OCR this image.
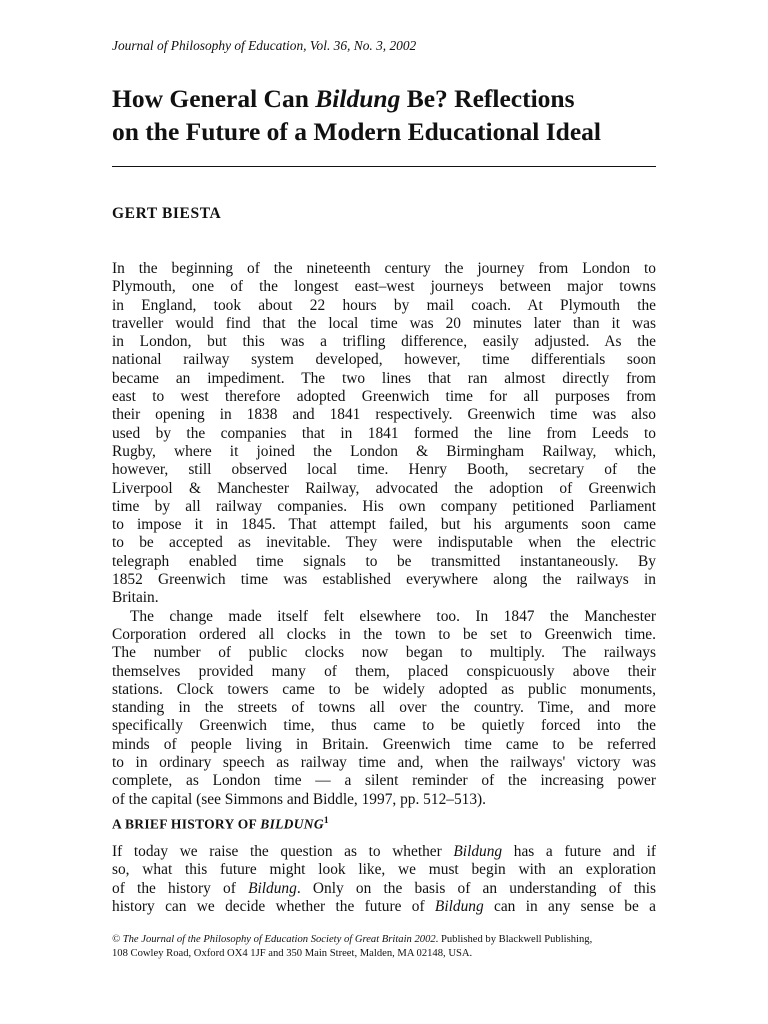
Journal of Philosophy of Education, Vol. 36, No. 3, 2002
How General Can Bildung Be? Reflections
on the Future of a Modern Educational Ideal
GERT BIESTA
In the beginning of the nineteenth century the journey from London to
Plymouth, one of the longest east–west journeys between major towns
in England, took about 22 hours by mail coach. At Plymouth the
traveller would find that the local time was 20 minutes later than it was
in London, but this was a trifling difference, easily adjusted. As the
national railway system developed, however, time differentials soon
became an impediment. The two lines that ran almost directly from
east to west therefore adopted Greenwich time for all purposes from
their opening in 1838 and 1841 respectively. Greenwich time was also
used by the companies that in 1841 formed the line from Leeds to
Rugby, where it joined the London & Birmingham Railway, which,
however, still observed local time. Henry Booth, secretary of the
Liverpool & Manchester Railway, advocated the adoption of Greenwich
time by all railway companies. His own company petitioned Parliament
to impose it in 1845. That attempt failed, but his arguments soon came
to be accepted as inevitable. They were indisputable when the electric
telegraph enabled time signals to be transmitted instantaneously. By
1852 Greenwich time was established everywhere along the railways in
Britain.
The change made itself felt elsewhere too. In 1847 the Manchester
Corporation ordered all clocks in the town to be set to Greenwich time.
The number of public clocks now began to multiply. The railways
themselves provided many of them, placed conspicuously above their
stations. Clock towers came to be widely adopted as public monuments,
standing in the streets of towns all over the country. Time, and more
specifically Greenwich time, thus came to be quietly forced into the
minds of people living in Britain. Greenwich time came to be referred
to in ordinary speech as railway time and, when the railways' victory was
complete, as London time — a silent reminder of the increasing power
of the capital (see Simmons and Biddle, 1997, pp. 512–513).
A BRIEF HISTORY OF BILDUNG$^1$
If today we raise the question as to whether Bildung has a future and if
so, what this future might look like, we must begin with an exploration
of the history of Bildung. Only on the basis of an understanding of this
history can we decide whether the future of Bildung can in any sense be a
© The Journal of the Philosophy of Education Society of Great Britain 2002. Published by Blackwell Publishing,
108 Cowley Road, Oxford OX4 1JF and 350 Main Street, Malden, MA 02148, USA.
